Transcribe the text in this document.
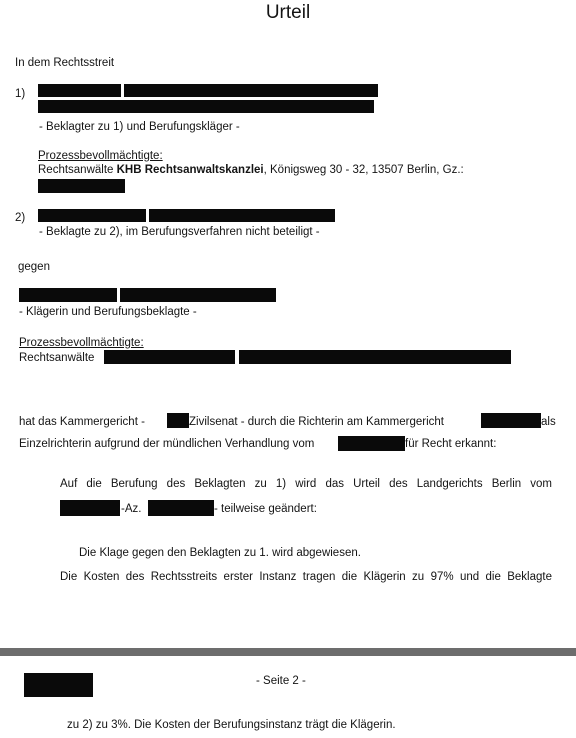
Urteil
In dem Rechtsstreit
1)
- Beklagter zu 1) und Berufungskläger -
Prozessbevollmächtigte:
Rechtsanwälte KHB Rechtsanwaltskanzlei, Königsweg 30 - 32, 13507 Berlin, Gz.:
2)
- Beklagte zu 2), im Berufungsverfahren nicht beteiligt -
gegen
- Klägerin und Berufungsbeklagte -
Prozessbevollmächtigte:
Rechtsanwälte
hat das Kammergericht -	Zivilsenat - durch die Richterin am Kammergericht	als
Einzelrichterin aufgrund der mündlichen Verhandlung vom	für Recht erkannt:
Auf die Berufung des Beklagten zu 1) wird das Urteil des Landgerichts Berlin vom
-Az.	- teilweise geändert:
Die Klage gegen den Beklagten zu 1. wird abgewiesen.
Die Kosten des Rechtsstreits erster Instanz tragen die Klägerin zu 97% und die Beklagte
- Seite 2 -
zu 2) zu 3%. Die Kosten der Berufungsinstanz trägt die Klägerin.
